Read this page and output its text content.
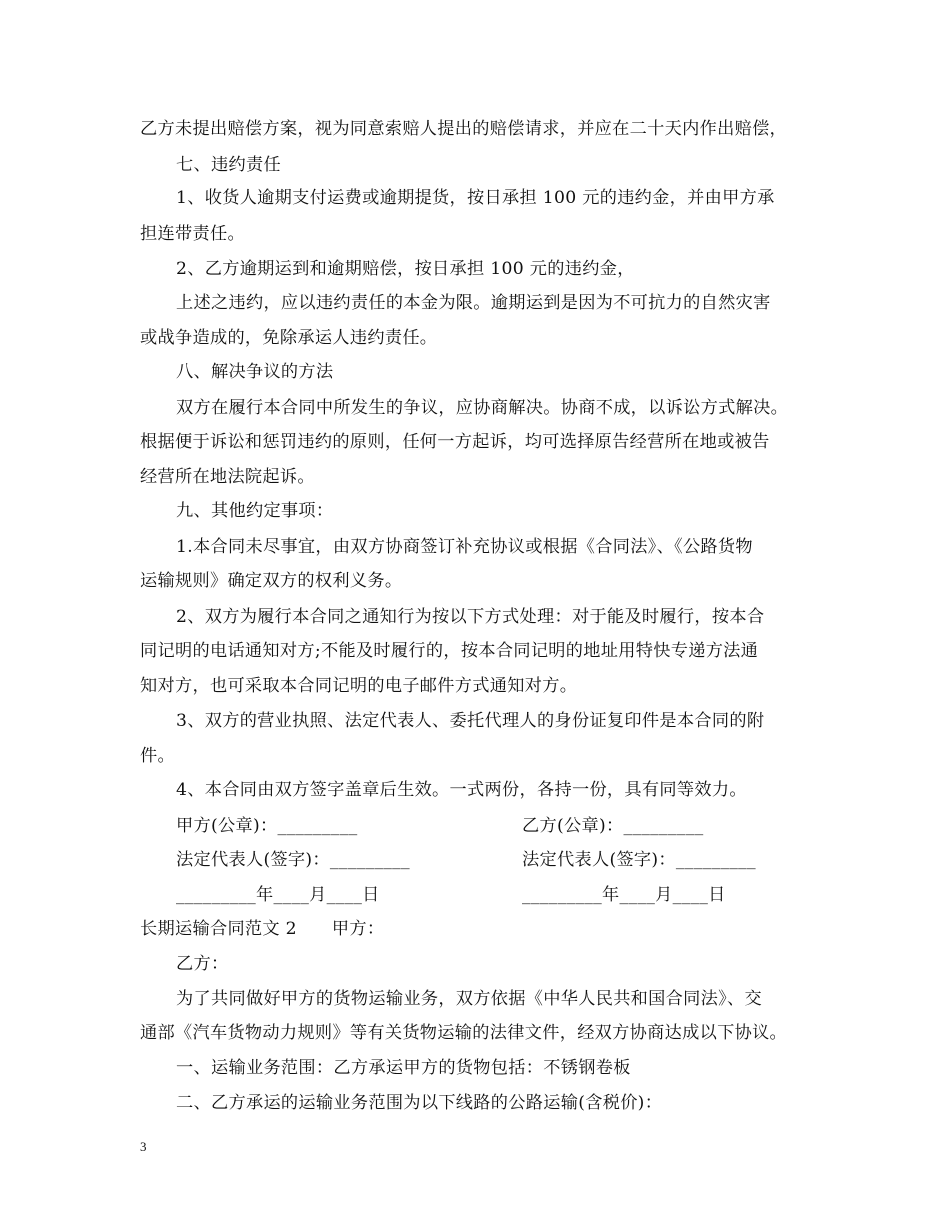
乙方未提出赔偿方案，视为同意索赔人提出的赔偿请求，并应在二十天内作出赔偿，
七、违约责任
1、收货人逾期支付运费或逾期提货，按日承担 100 元的违约金，并由甲方承
担连带责任。
2、乙方逾期运到和逾期赔偿，按日承担 100 元的违约金，
上述之违约，应以违约责任的本金为限。逾期运到是因为不可抗力的自然灾害
或战争造成的，免除承运人违约责任。
八、解决争议的方法
双方在履行本合同中所发生的争议，应协商解决。协商不成，以诉讼方式解决。
根据便于诉讼和惩罚违约的原则，任何一方起诉，均可选择原告经营所在地或被告
经营所在地法院起诉。
九、其他约定事项：
1.本合同未尽事宜，由双方协商签订补充协议或根据《合同法》、《公路货物
运输规则》确定双方的权利义务。
2、双方为履行本合同之通知行为按以下方式处理：对于能及时履行，按本合
同记明的电话通知对方;不能及时履行的，按本合同记明的地址用特快专递方法通
知对方，也可采取本合同记明的电子邮件方式通知对方。
3、双方的营业执照、法定代表人、委托代理人的身份证复印件是本合同的附
件。
4、本合同由双方签字盖章后生效。一式两份，各持一份，具有同等效力。
甲方(公章)：_________	乙方(公章)：_________
法定代表人(签字)：_________	法定代表人(签字)：_________
_________年____月____日	_________年____月____日
长期运输合同范文 2　　甲方：
乙方：
为了共同做好甲方的货物运输业务，双方依据《中华人民共和国合同法》、交
通部《汽车货物动力规则》等有关货物运输的法律文件，经双方协商达成以下协议。
一、运输业务范围：乙方承运甲方的货物包括：不锈钢卷板
二、乙方承运的运输业务范围为以下线路的公路运输(含税价)：
3
